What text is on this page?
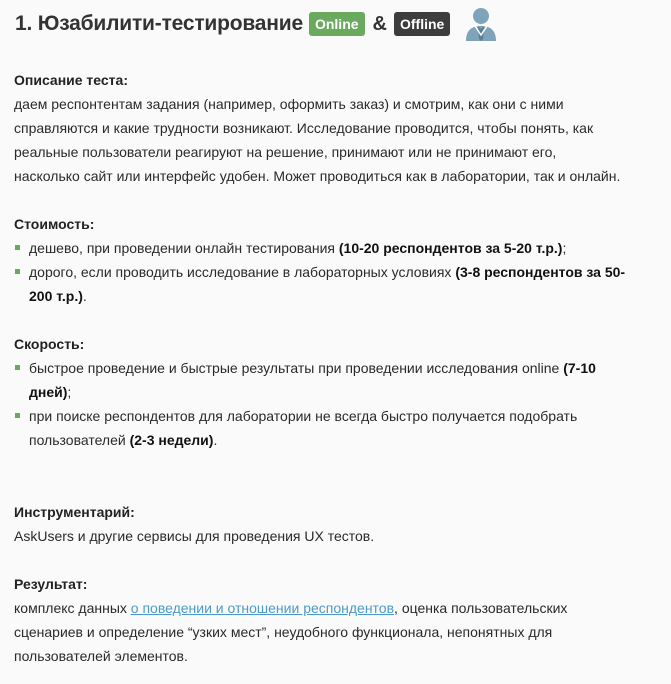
1. Юзабилити-тестирование Online & Offline
Описание теста:
даем респонтентам задания (например, оформить заказ) и смотрим, как они с ними
справляются и какие трудности возникают. Исследование проводится, чтобы понять, как
реальные пользователи реагируют на решение, принимают или не принимают его,
насколько сайт или интерфейс удобен. Может проводиться как в лаборатории, так и онлайн.
Стоимость:
дешево, при проведении онлайн тестирования (10-20 респондентов за 5-20 т.р.);
дорого, если проводить исследование в лабораторных условиях (3-8 респондентов за 50-200 т.р.).
Скорость:
быстрое проведение и быстрые результаты при проведении исследования online (7-10 дней);
при поиске респондентов для лаборатории не всегда быстро получается подобрать пользователей (2-3 недели).
Инструментарий:
AskUsers и другие сервисы для проведения UX тестов.
Результат:
комплекс данных о поведении и отношении респондентов, оценка пользовательских
сценариев и определение “узких мест”, неудобного функционала, непонятных для
пользователей элементов.
